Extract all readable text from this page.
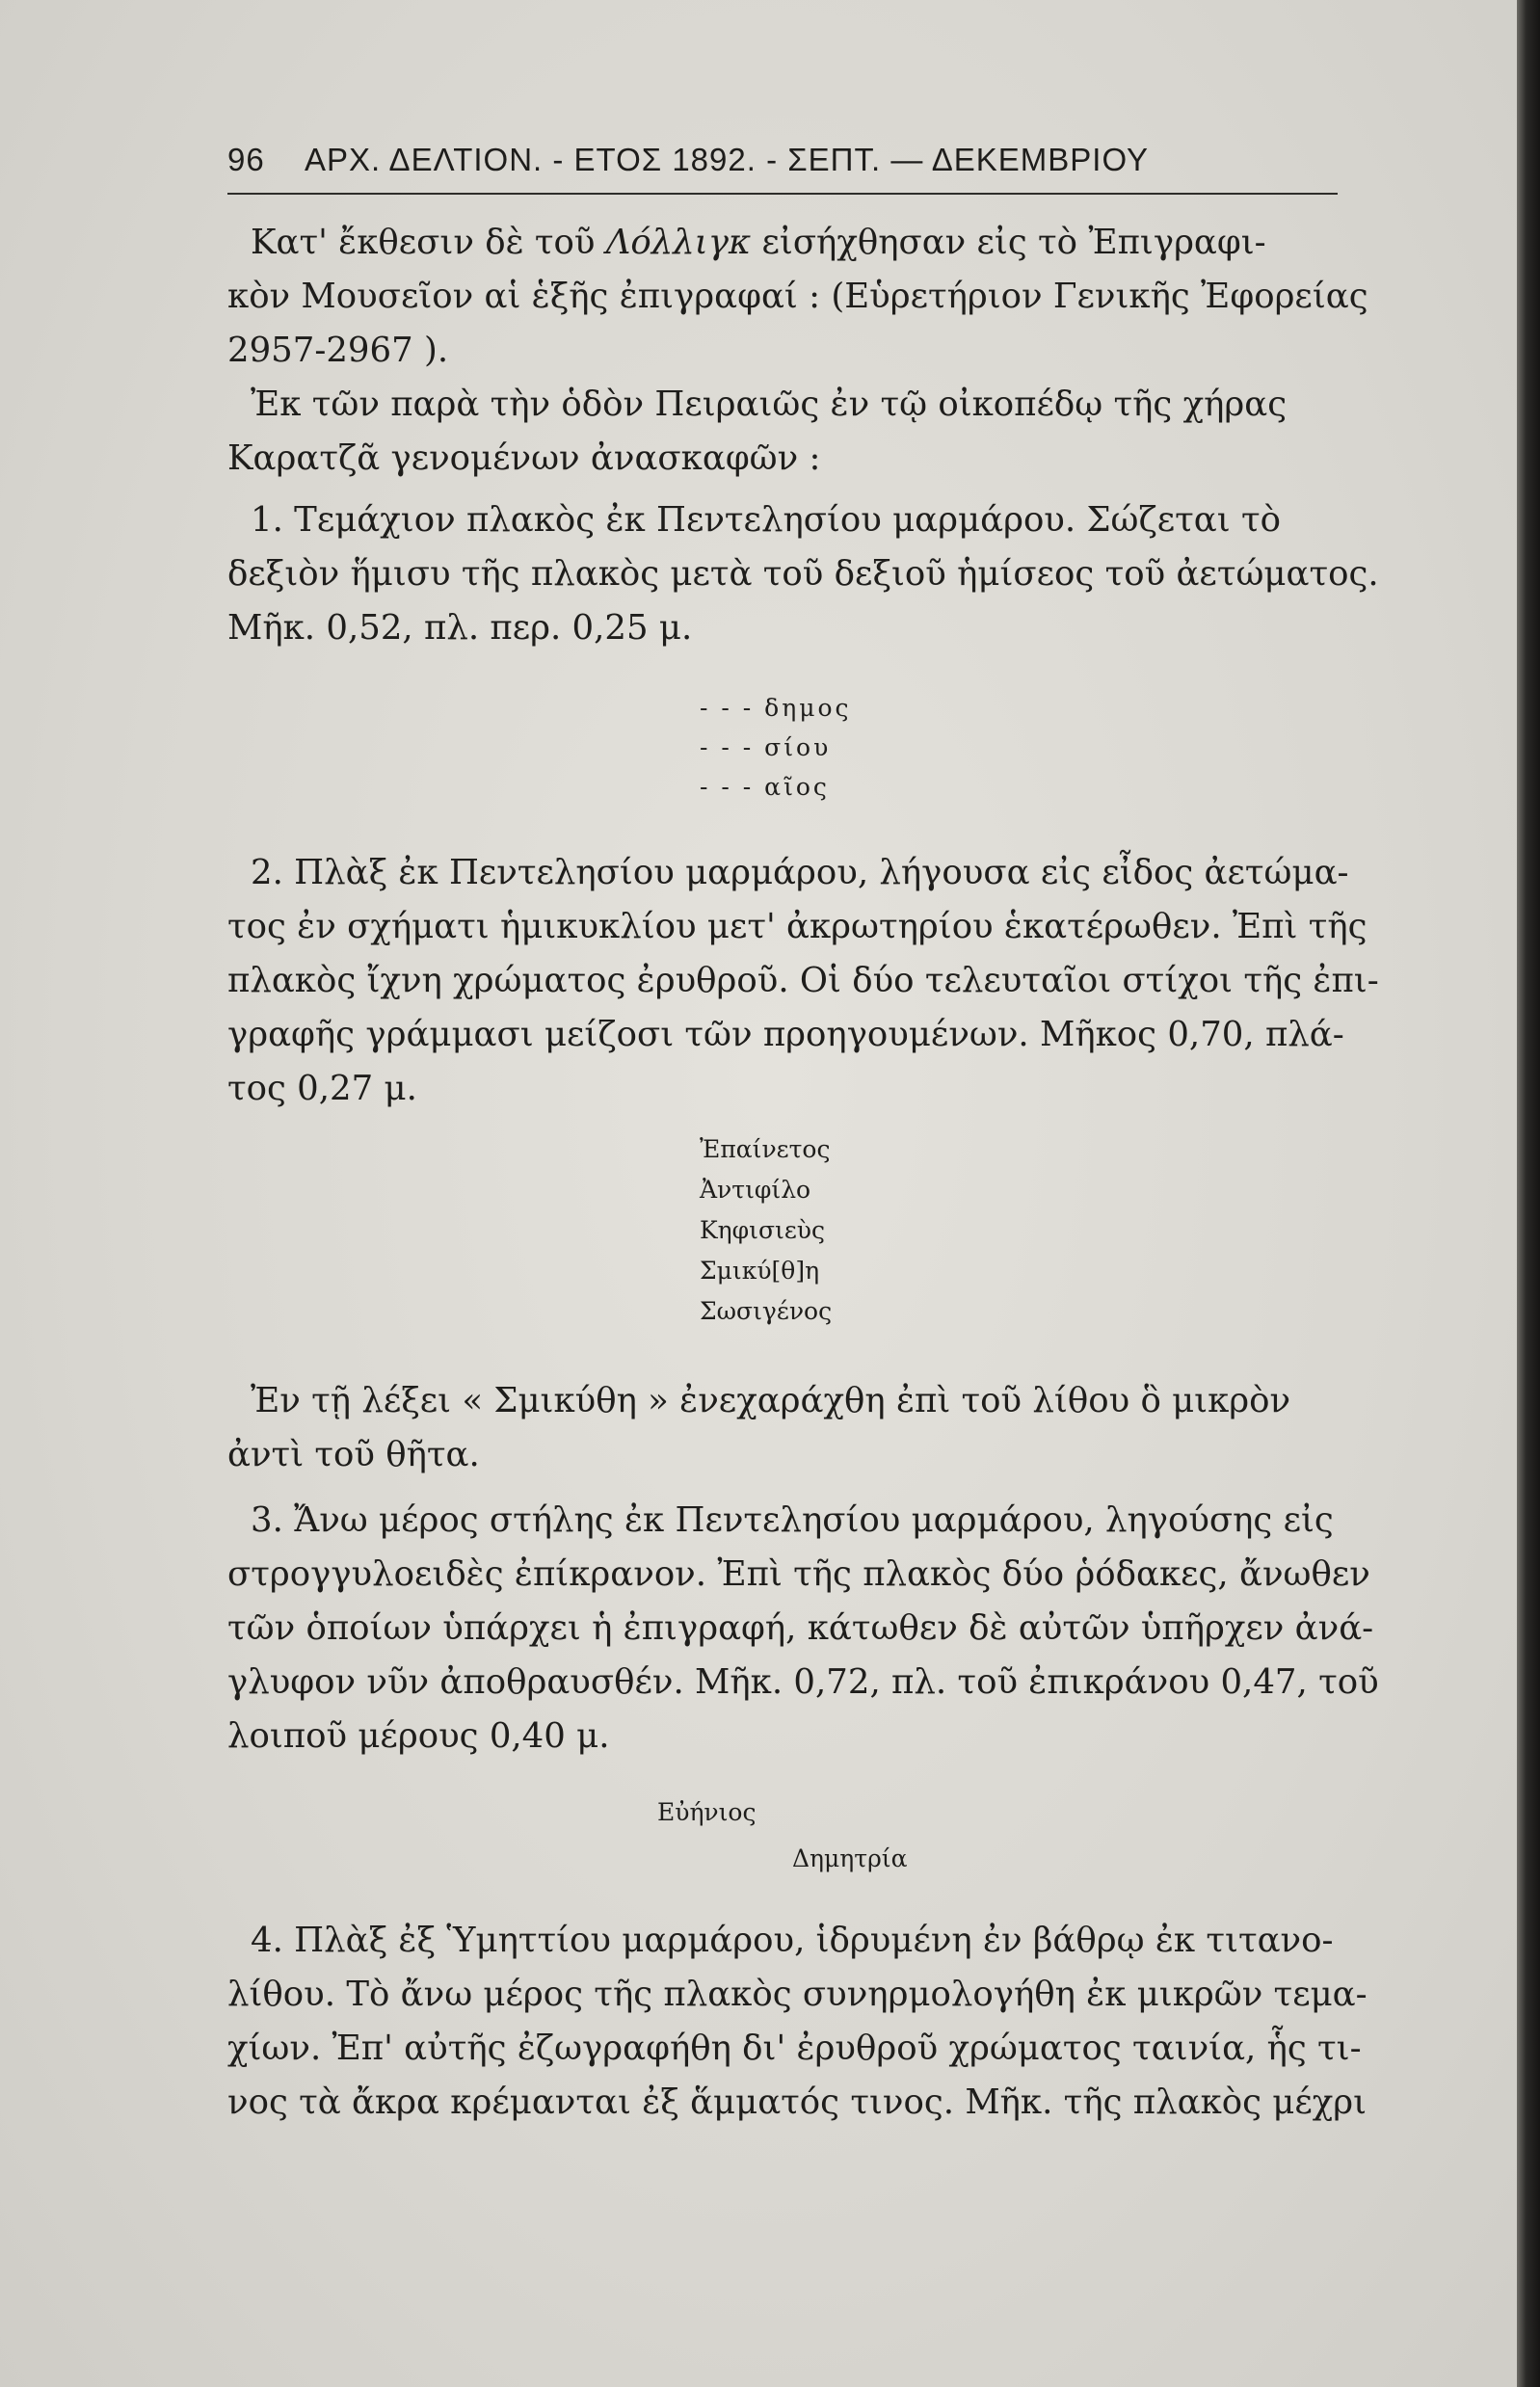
96	ΑΡΧ. ΔΕΛΤΙΟΝ. - ΕΤΟΣ 1892. - ΣΕΠΤ. — ΔΕΚΕΜΒΡΙΟΥ
Κατ' ἔκθεσιν δὲ τοῦ Λόλλιγκ εἰσήχθησαν εἰς τὸ Ἐπιγραφι-
κὸν Μουσεῖον αἱ ἑξῆς ἐπιγραφαί : (Εὑρετήριον Γενικῆς Ἐφορείας
2957-2967 ).
Ἐκ τῶν παρὰ τὴν ὁδὸν Πειραιῶς ἐν τῷ οἰκοπέδῳ τῆς χήρας
Καρατζᾶ γενομένων ἀνασκαφῶν :
1. Τεμάχιον πλακὸς ἐκ Πεντελησίου μαρμάρου. Σώζεται τὸ
δεξιὸν ἥμισυ τῆς πλακὸς μετὰ τοῦ δεξιοῦ ἡμίσεος τοῦ ἀετώματος.
Μῆκ. 0,52, πλ. περ. 0,25 μ.
- - - δημος
- - - σίου
- - - αῖος
2. Πλὰξ ἐκ Πεντελησίου μαρμάρου, λήγουσα εἰς εἶδος ἀετώμα-
τος ἐν σχήματι ἡμικυκλίου μετ' ἀκρωτηρίου ἑκατέρωθεν. Ἐπὶ τῆς
πλακὸς ἴχνη χρώματος ἐρυθροῦ. Οἱ δύο τελευταῖοι στίχοι τῆς ἐπι-
γραφῆς γράμμασι μείζοσι τῶν προηγουμένων. Μῆκος 0,70, πλά-
τος 0,27 μ.
Ἐπαίνετος
Ἀντιφίλο
Κηφισιεὺς
Σμικύ[θ]η
Σωσιγένος
Ἐν τῇ λέξει « Σμικύθη » ἐνεχαράχθη ἐπὶ τοῦ λίθου ὃ μικρὸν
ἀντὶ τοῦ θῆτα.
3. Ἄνω μέρος στήλης ἐκ Πεντελησίου μαρμάρου, ληγούσης εἰς
στρογγυλοειδὲς ἐπίκρανον. Ἐπὶ τῆς πλακὸς δύο ῥόδακες, ἄνωθεν
τῶν ὁποίων ὑπάρχει ἡ ἐπιγραφή, κάτωθεν δὲ αὐτῶν ὑπῆρχεν ἀνά-
γλυφον νῦν ἀποθραυσθέν. Μῆκ. 0,72, πλ. τοῦ ἐπικράνου 0,47, τοῦ
λοιποῦ μέρους 0,40 μ.
Εὐήνιος
Δημητρία
4. Πλὰξ ἐξ Ὑμηττίου μαρμάρου, ἱδρυμένη ἐν βάθρῳ ἐκ τιτανο-
λίθου. Τὸ ἄνω μέρος τῆς πλακὸς συνηρμολογήθη ἐκ μικρῶν τεμα-
χίων. Ἐπ' αὐτῆς ἐζωγραφήθη δι' ἐρυθροῦ χρώματος ταινία, ἧς τι-
νος τὰ ἄκρα κρέμανται ἐξ ἅμματός τινος. Μῆκ. τῆς πλακὸς μέχρι
